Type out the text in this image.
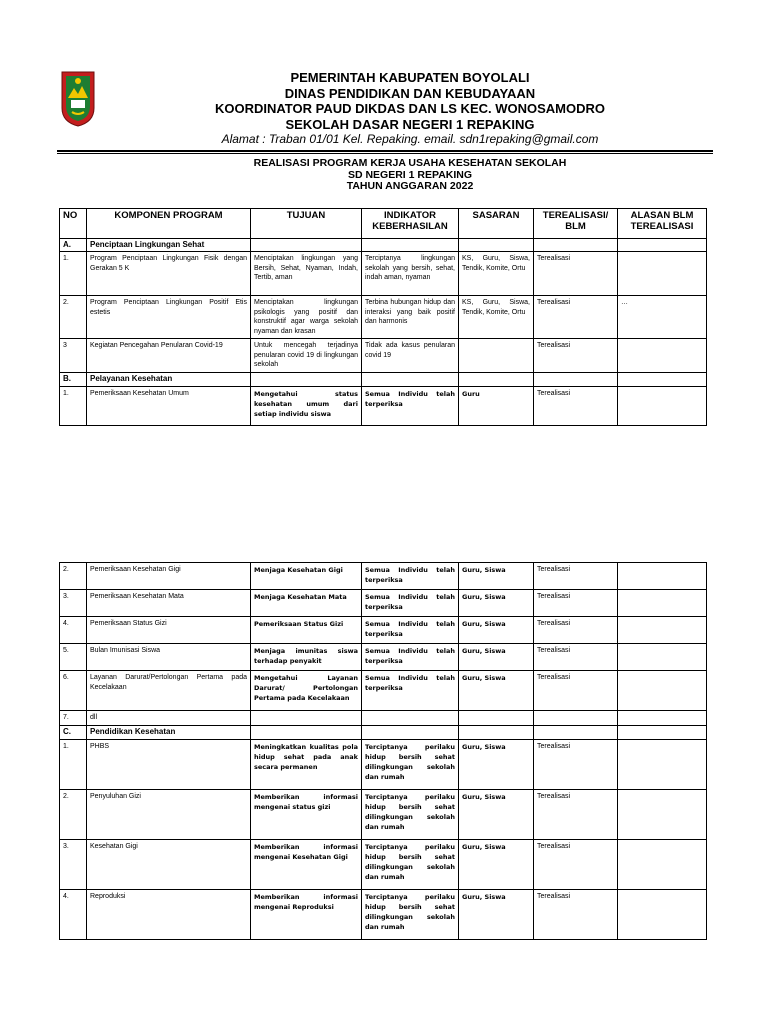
PEMERINTAH KABUPATEN BOYOLALI
DINAS PENDIDIKAN DAN KEBUDAYAAN
KOORDINATOR PAUD DIKDAS DAN LS KEC. WONOSAMODRO
SEKOLAH DASAR NEGERI 1 REPAKING
Alamat : Traban 01/01 Kel. Repaking. email. sdn1repaking@gmail.com
REALISASI PROGRAM KERJA USAHA KESEHATAN SEKOLAH
SD NEGERI 1 REPAKING
TAHUN ANGGARAN 2022
NO	KOMPONEN PROGRAM	TUJUAN	INDIKATOR KEBERHASILAN	SASARAN	TEREALISASI/ BLM	ALASAN BLM TEREALISASI
A.	Penciptaan Lingkungan Sehat					
1.	Program Penciptaan Lingkungan Fisik dengan Gerakan 5 K	Menciptakan lingkungan yang Bersih, Sehat, Nyaman, Indah, Tertib, aman	Terciptanya lingkungan sekolah yang bersih, sehat, indah aman, nyaman	KS, Guru, Siswa, Tendik, Komite, Ortu	Terealisasi	
2.	Program Penciptaan Lingkungan Positif Etis estetis	Menciptakan lingkungan psikologis yang positif dan konstruktif agar warga sekolah nyaman dan krasan	Terbina hubungan hidup dan interaksi yang baik positif dan harmonis	KS, Guru, Siswa, Tendik, Komite, Ortu	Terealisasi	…
3	Kegiatan Pencegahan Penularan Covid-19	Untuk mencegah terjadinya penularan covid 19 di lingkungan sekolah	Tidak ada kasus penularan covid 19		Terealisasi	
B.	Pelayanan Kesehatan					
1.	Pemeriksaan Kesehatan Umum	Mengetahui status kesehatan umum dari setiap individu siswa	Semua Individu telah terperiksa	Guru	Terealisasi	
2.	Pemeriksaan Kesehatan Gigi	Menjaga Kesehatan Gigi	Semua Individu telah terperiksa	Guru, Siswa	Terealisasi	
3.	Pemeriksaan Kesehatan Mata	Menjaga Kesehatan Mata	Semua Individu telah terperiksa	Guru, Siswa	Terealisasi	
4.	Pemeriksaan Status Gizi	Pemeriksaan Status Gizi	Semua Individu telah terperiksa	Guru, Siswa	Terealisasi	
5.	Bulan Imunisasi Siswa	Menjaga imunitas siswa terhadap penyakit	Semua Individu telah terperiksa	Guru, Siswa	Terealisasi	
6.	Layanan Darurat/Pertolongan Pertama pada Kecelakaan	Mengetahui Layanan Darurat/ Pertolongan Pertama pada Kecelakaan	Semua Individu telah terperiksa	Guru, Siswa	Terealisasi	
7.	dll					
C.	Pendidikan Kesehatan					
1.	PHBS	Meningkatkan kualitas pola hidup sehat pada anak secara permanen	Terciptanya perilaku hidup bersih sehat dilingkungan sekolah dan rumah	Guru, Siswa	Terealisasi	
2.	Penyuluhan Gizi	Memberikan informasi mengenai status gizi	Terciptanya perilaku hidup bersih sehat dilingkungan sekolah dan rumah	Guru, Siswa	Terealisasi	
3.	Kesehatan Gigi	Memberikan informasi mengenai Kesehatan Gigi	Terciptanya perilaku hidup bersih sehat dilingkungan sekolah dan rumah	Guru, Siswa	Terealisasi	
4.	Reproduksi	Memberikan informasi mengenai Reproduksi	Terciptanya perilaku hidup bersih sehat dilingkungan sekolah dan rumah	Guru, Siswa	Terealisasi	
